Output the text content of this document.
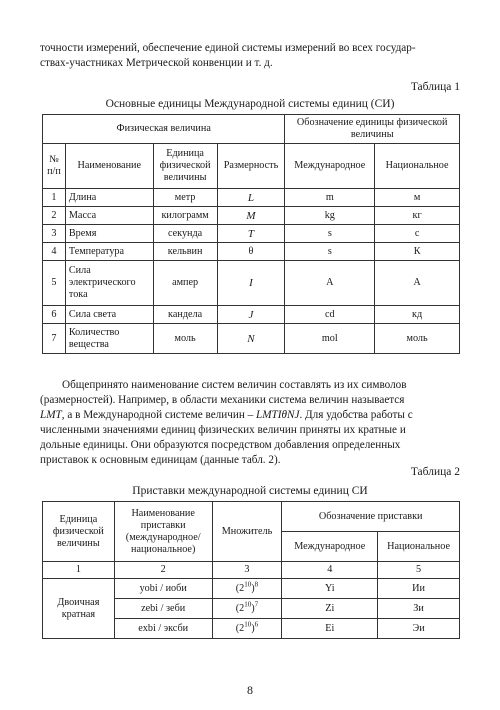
точности измерений, обеспечение единой системы измерений во всех государ-
ствах-участниках Метрической конвенции и т. д.

Таблица 1
Основные единицы Международной системы единиц (СИ)
Физическая величина				Обозначение единицы физической величины	
№ п/п	Наименование	Единица физической величины	Размерность	Международное	Национальное
1	Длина	метр	L	m	м
2	Масса	килограмм	M	kg	кг
3	Время	секунда	T	s	с
4	Температура	кельвин	θ	s	К
5	Сила электрического тока	ампер	I	A	А
6	Сила света	кандела	J	cd	кд
7	Количество вещества	моль	N	mol	моль

Общепринято наименование систем величин составлять из их символов
(размерностей). Например, в области механики система величин называется
LMT, а в Международной системе величин – LMTIθNJ. Для удобства работы с
численными значениями единиц физических величин приняты их кратные и
дольные единицы. Они образуются посредством добавления определенных
приставок к основным единицам (данные табл. 2).

Таблица 2
Приставки международной системы единиц СИ
Единица физической величины	Наименование приставки (международное/ национальное)	Множитель	Обозначение приставки	
			Международное	Национальное
1	2	3	4	5
Двоичная кратная	yobi / иоби	$(2^{10})^8$	Yi	Ии
	zebi / зеби	$(2^{10})^7$	Zi	Зи
	exbi / эксби	$(2^{10})^6$	Ei	Эи
8
